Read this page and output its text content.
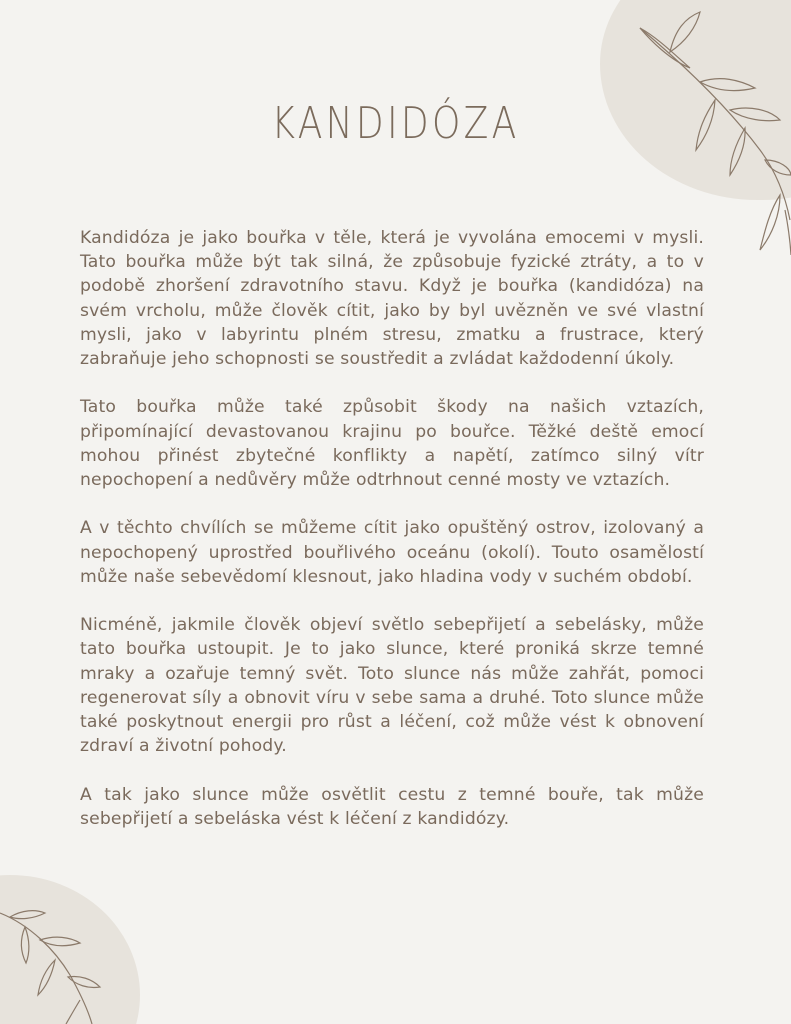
KANDIDÓZA

Kandidóza je jako bouřka v těle, která je vyvolána emocemi v mysli. Tato bouřka může být tak silná, že způsobuje fyzické ztráty, a to v podobě zhoršení zdravotního stavu. Když je bouřka (kandidóza) na svém vrcholu, může člověk cítit, jako by byl uvězněn ve své vlastní mysli, jako v labyrintu plném stresu, zmatku a frustrace, který zabraňuje jeho schopnosti se soustředit a zvládat každodenní úkoly.

Tato bouřka může také způsobit škody na našich vztazích, připomínající devastovanou krajinu po bouřce. Těžké deště emocí mohou přinést zbytečné konflikty a napětí, zatímco silný vítr nepochopení a nedůvěry může odtrhnout cenné mosty ve vztazích.

A v těchto chvílích se můžeme cítit jako opuštěný ostrov, izolovaný a nepochopený uprostřed bouřlivého oceánu (okolí). Touto osamělostí může naše sebevědomí klesnout, jako hladina vody v suchém období.

Nicméně, jakmile člověk objeví světlo sebepřijetí a sebelásky, může tato bouřka ustoupit. Je to jako slunce, které proniká skrze temné mraky a ozařuje temný svět. Toto slunce nás může zahřát, pomoci regenerovat síly a obnovit víru v sebe sama a druhé. Toto slunce může také poskytnout energii pro růst a léčení, což může vést k obnovení zdraví a životní pohody.

A tak jako slunce může osvětlit cestu z temné bouře, tak může sebepřijetí a sebeláska vést k léčení z kandidózy.
